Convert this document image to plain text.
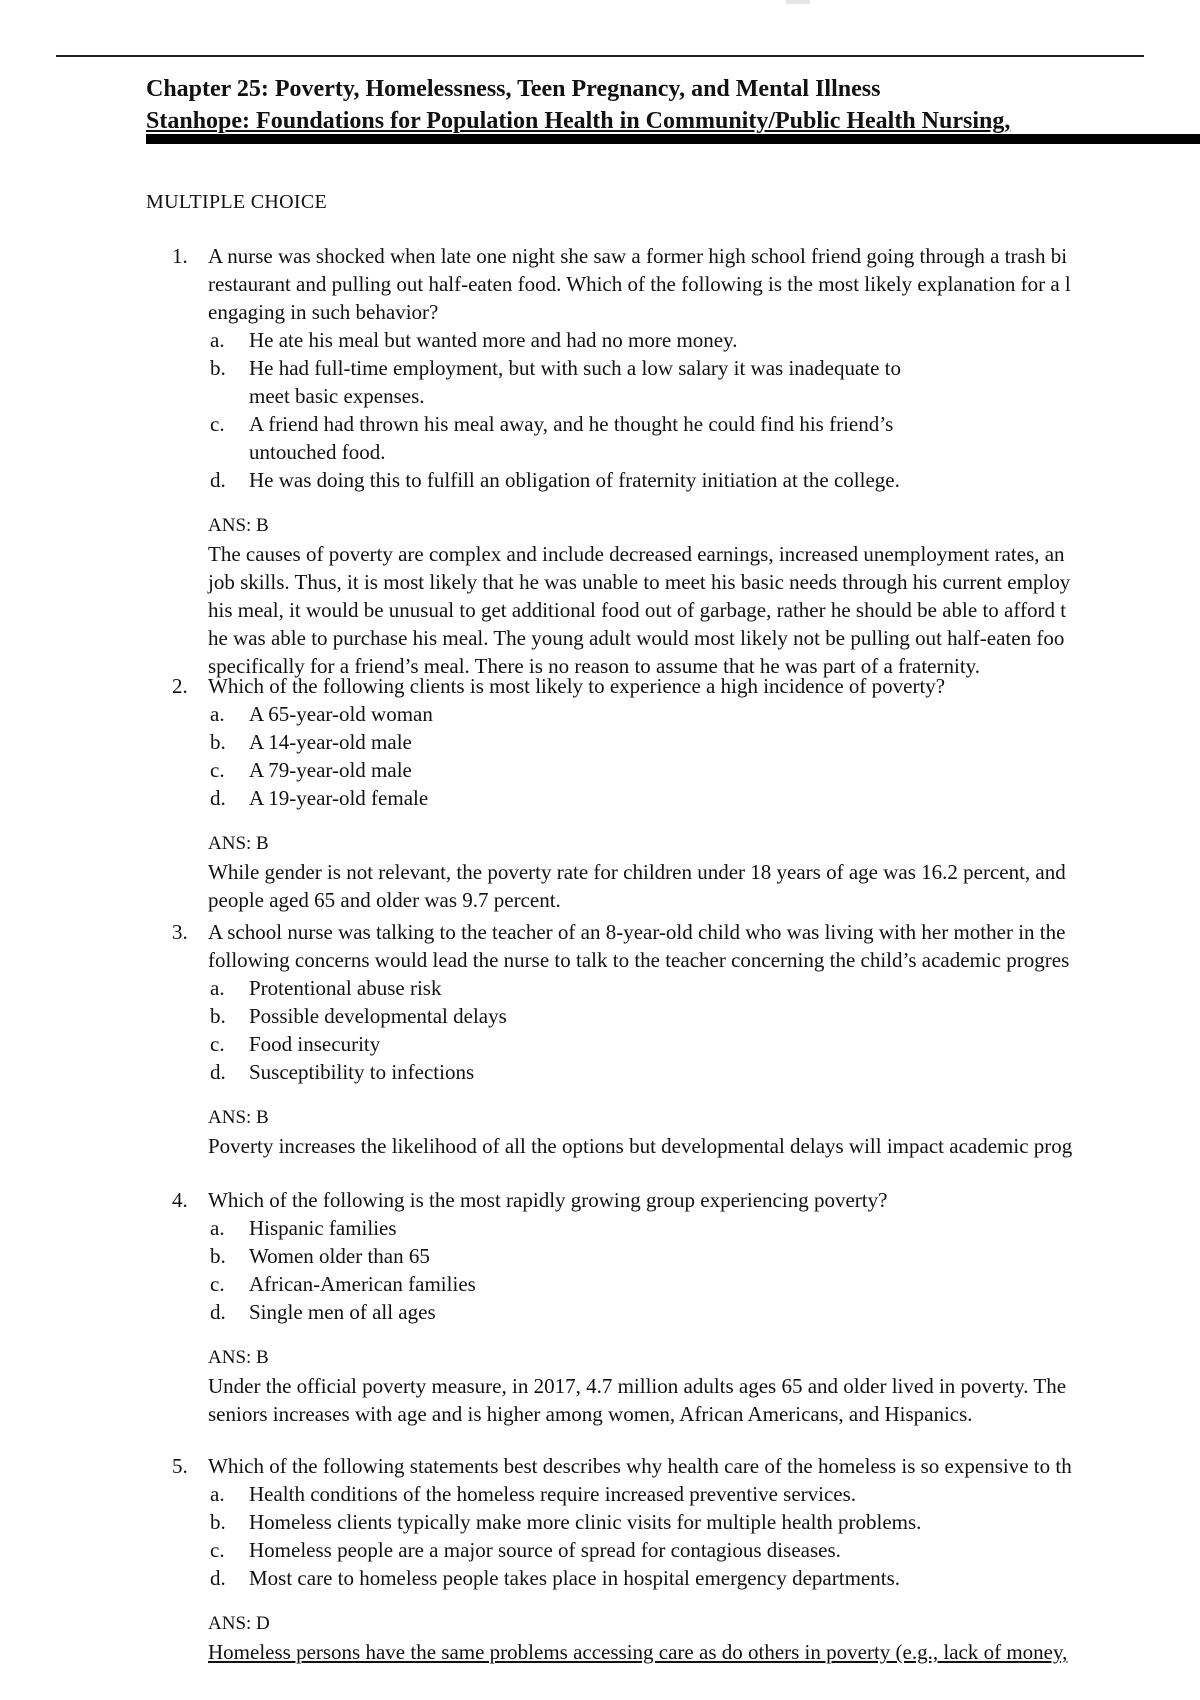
Chapter 25: Poverty, Homelessness, Teen Pregnancy, and Mental Illness
Stanhope: Foundations for Population Health in Community/Public Health Nursing,
MULTIPLE CHOICE
1. A nurse was shocked when late one night she saw a former high school friend going through a trash bi
restaurant and pulling out half-eaten food. Which of the following is the most likely explanation for a l
engaging in such behavior?
a. He ate his meal but wanted more and had no more money.
b. He had full-time employment, but with such a low salary it was inadequate to
meet basic expenses.
c. A friend had thrown his meal away, and he thought he could find his friend’s
untouched food.
d. He was doing this to fulfill an obligation of fraternity initiation at the college.
ANS: B
The causes of poverty are complex and include decreased earnings, increased unemployment rates, an
job skills. Thus, it is most likely that he was unable to meet his basic needs through his current employ
his meal, it would be unusual to get additional food out of garbage, rather he should be able to afford t
he was able to purchase his meal. The young adult would most likely not be pulling out half-eaten foo
specifically for a friend’s meal. There is no reason to assume that he was part of a fraternity.
2. Which of the following clients is most likely to experience a high incidence of poverty?
a. A 65-year-old woman
b. A 14-year-old male
c. A 79-year-old male
d. A 19-year-old female
ANS: B
While gender is not relevant, the poverty rate for children under 18 years of age was 16.2 percent, and
people aged 65 and older was 9.7 percent.
3. A school nurse was talking to the teacher of an 8-year-old child who was living with her mother in the
following concerns would lead the nurse to talk to the teacher concerning the child’s academic progres
a. Protentional abuse risk
b. Possible developmental delays
c. Food insecurity
d. Susceptibility to infections
ANS: B
Poverty increases the likelihood of all the options but developmental delays will impact academic prog
4. Which of the following is the most rapidly growing group experiencing poverty?
a. Hispanic families
b. Women older than 65
c. African-American families
d. Single men of all ages
ANS: B
Under the official poverty measure, in 2017, 4.7 million adults ages 65 and older lived in poverty. The
seniors increases with age and is higher among women, African Americans, and Hispanics.
5. Which of the following statements best describes why health care of the homeless is so expensive to th
a. Health conditions of the homeless require increased preventive services.
b. Homeless clients typically make more clinic visits for multiple health problems.
c. Homeless people are a major source of spread for contagious diseases.
d. Most care to homeless people takes place in hospital emergency departments.
ANS: D
Homeless persons have the same problems accessing care as do others in poverty (e.g., lack of money,
